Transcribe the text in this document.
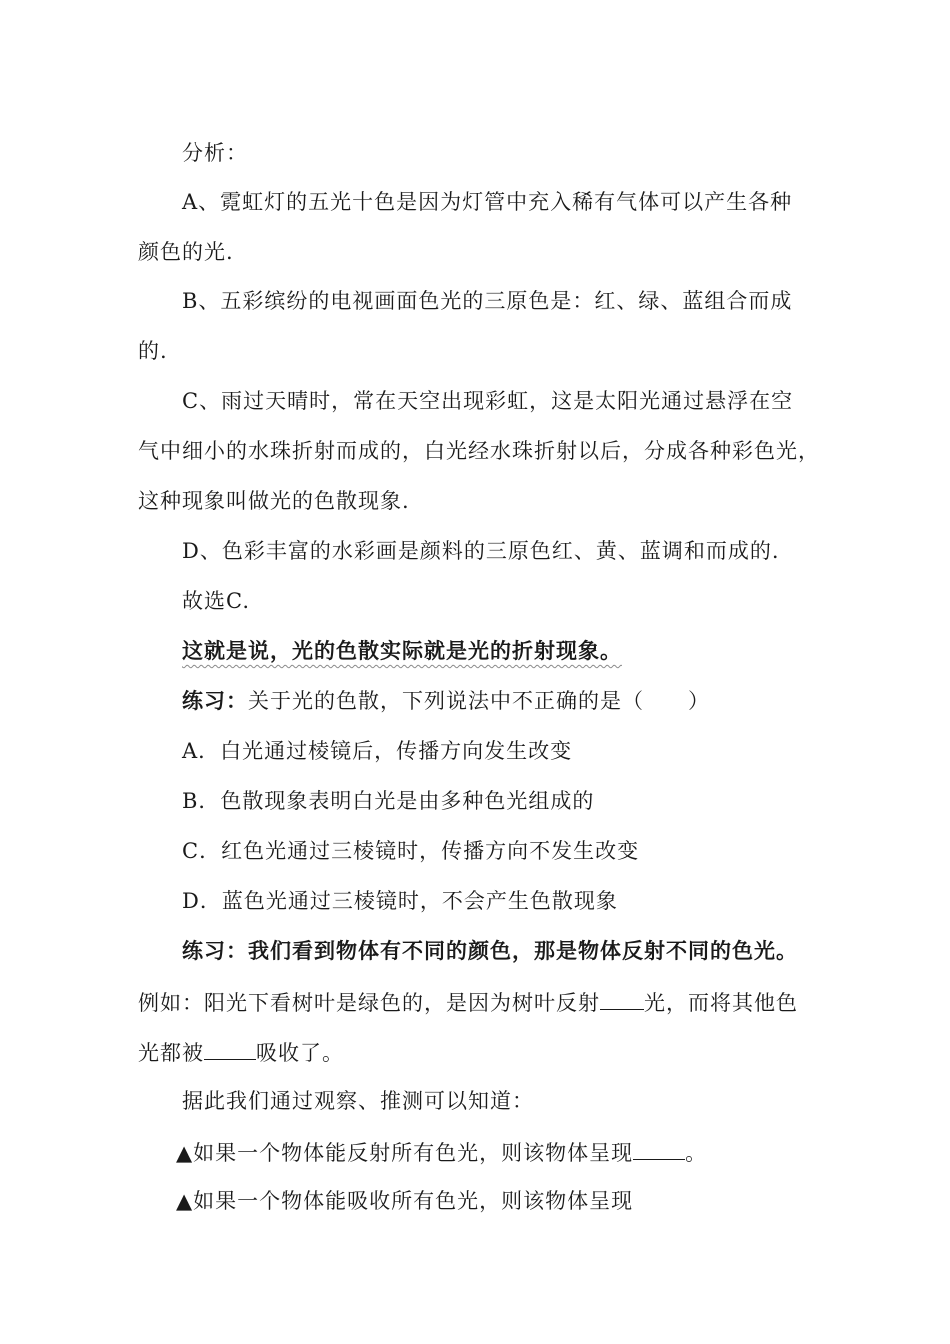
分析：
A、霓虹灯的五光十色是因为灯管中充入稀有气体可以产生各种
颜色的光.
B、五彩缤纷的电视画面色光的三原色是：红、绿、蓝组合而成
的.
C、雨过天晴时，常在天空出现彩虹，这是太阳光通过悬浮在空
气中细小的水珠折射而成的，白光经水珠折射以后，分成各种彩色光，
这种现象叫做光的色散现象.
D、色彩丰富的水彩画是颜料的三原色红、黄、蓝调和而成的.
故选C.
这就是说，光的色散实际就是光的折射现象。
练习：关于光的色散，下列说法中不正确的是（　　）
A．白光通过棱镜后，传播方向发生改变
B．色散现象表明白光是由多种色光组成的
C．红色光通过三棱镜时，传播方向不发生改变
D．蓝色光通过三棱镜时，不会产生色散现象
练习：我们看到物体有不同的颜色，那是物体反射不同的色光。
例如：阳光下看树叶是绿色的，是因为树叶反射 光，而将其他色
光都被 吸收了。
据此我们通过观察、推测可以知道：
▲如果一个物体能反射所有色光，则该物体呈现 。
▲如果一个物体能吸收所有色光，则该物体呈现
